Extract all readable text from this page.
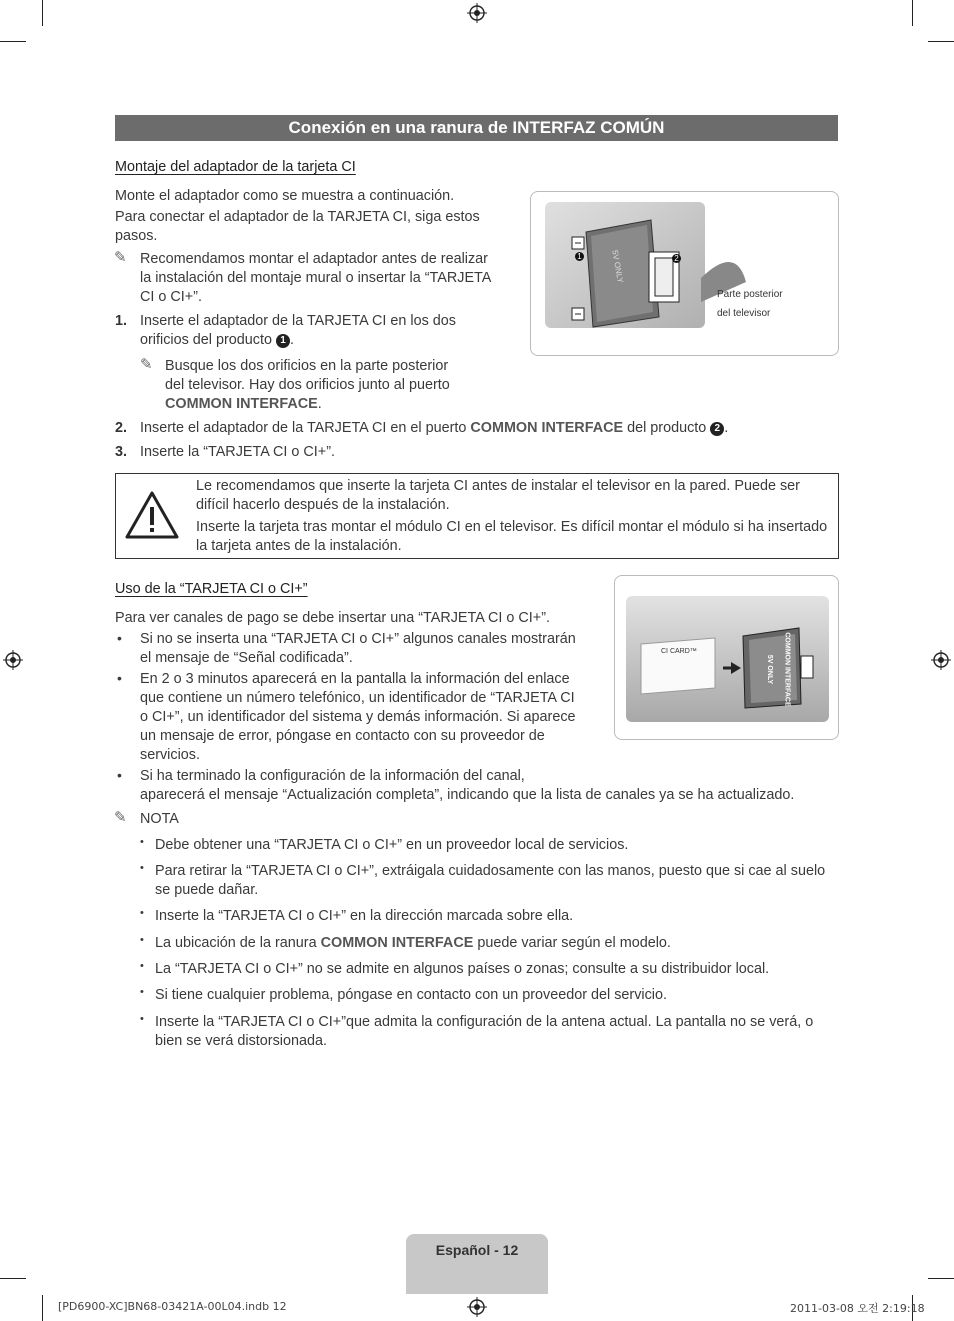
Conexión en una ranura de INTERFAZ COMÚN
Montaje del adaptador de la tarjeta CI
Monte el adaptador como se muestra a continuación.
Para conectar el adaptador de la TARJETA CI, siga estos
pasos.
✎ Recomendamos montar el adaptador antes de realizar
la instalación del montaje mural o insertar la “TARJETA
CI o CI+”.
1. Inserte el adaptador de la TARJETA CI en los dos
orificios del producto 1 .
✎ Busque los dos orificios en la parte posterior
del televisor. Hay dos orificios junto al puerto
COMMON INTERFACE.
2. Inserte el adaptador de la TARJETA CI en el puerto COMMON INTERFACE del producto 2 .
3. Inserte la “TARJETA CI o CI+”.
1	2
5V ONLY
Parte posterior
del televisor
Le recomendamos que inserte la tarjeta CI antes de instalar el televisor en la pared. Puede ser
difícil hacerlo después de la instalación.
Inserte la tarjeta tras montar el módulo CI en el televisor. Es difícil montar el módulo si ha insertado
la tarjeta antes de la instalación.
Uso de la “TARJETA CI o CI+”
Para ver canales de pago se debe insertar una “TARJETA CI o CI+”.
• Si no se inserta una “TARJETA CI o CI+” algunos canales mostrarán
el mensaje de “Señal codificada”.
• En 2 o 3 minutos aparecerá en la pantalla la información del enlace
que contiene un número telefónico, un identificador de “TARJETA CI
o CI+”, un identificador del sistema y demás información. Si aparece
un mensaje de error, póngase en contacto con su proveedor de
servicios.
• Si ha terminado la configuración de la información del canal,
aparecerá el mensaje “Actualización completa”, indicando que la lista de canales ya se ha actualizado.
CI CARD™	COMMON INTERFACE
5V ONLY
✎ NOTA
• Debe obtener una “TARJETA CI o CI+” en un proveedor local de servicios.
• Para retirar la “TARJETA CI o CI+”, extráigala cuidadosamente con las manos, puesto que si cae al suelo
se puede dañar.
• Inserte la “TARJETA CI o CI+” en la dirección marcada sobre ella.
• La ubicación de la ranura COMMON INTERFACE puede variar según el modelo.
• La “TARJETA CI o CI+” no se admite en algunos países o zonas; consulte a su distribuidor local.
• Si tiene cualquier problema, póngase en contacto con un proveedor del servicio.
• Inserte la “TARJETA CI o CI+”que admita la configuración de la antena actual. La pantalla no se verá, o
bien se verá distorsionada.
Español - 12
[PD6900-XC]BN68-03421A-00L04.indb 12	2011-03-08 오전 2:19:18
